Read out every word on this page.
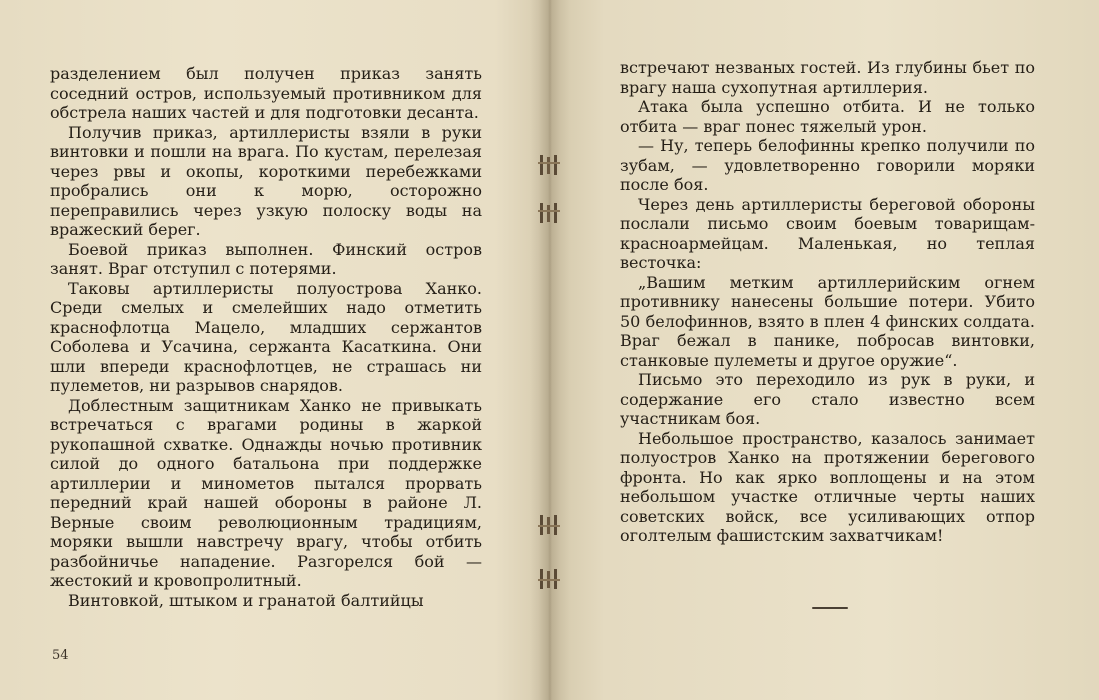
разделением был получен приказ занять соседний остров, используемый противником для обстрела наших частей и для подготовки десанта.

Получив приказ, артиллеристы взяли в руки винтовки и пошли на врага. По кустам, перелезая через рвы и окопы, короткими перебежками пробрались они к морю, осторожно переправились через узкую полоску воды на вражеский берег.

Боевой приказ выполнен. Финский остров занят. Враг отступил с потерями.

Таковы артиллеристы полуострова Ханко. Среди смелых и смелейших надо отметить краснофлотца Мацело, младших сержантов Соболева и Усачина, сержанта Касаткина. Они шли впереди краснофлотцев, не страшась ни пулеметов, ни разрывов снарядов.

Доблестным защитникам Ханко не привыкать встречаться с врагами родины в жаркой рукопашной схватке. Однажды ночью противник силой до одного батальона при поддержке артиллерии и минометов пытался прорвать передний край нашей обороны в районе Л. Верные своим революционным традициям, моряки вышли навстречу врагу, чтобы отбить разбойничье нападение. Разгорелся бой — жестокий и кровопролитный.

Винтовкой, штыком и гранатой балтийцы

54

встречают незваных гостей. Из глубины бьет по врагу наша сухопутная артиллерия.

Атака была успешно отбита. И не только отбита — враг понес тяжелый урон.

— Ну, теперь белофинны крепко получили по зубам, — удовлетворенно говорили моряки после боя.

Через день артиллеристы береговой обороны послали письмо своим боевым товарищам-красноармейцам. Маленькая, но теплая весточка:

„Вашим метким артиллерийским огнем противнику нанесены большие потери. Убито 50 белофиннов, взято в плен 4 финских солдата. Враг бежал в панике, побросав винтовки, станковые пулеметы и другое оружие“.

Письмо это переходило из рук в руки, и содержание его стало известно всем участникам боя.

Небольшое пространство, казалось занимает полуостров Ханко на протяжении берегового фронта. Но как ярко воплощены и на этом небольшом участке отличные черты наших советских войск, все усиливающих отпор оголтелым фашистским захватчикам!
